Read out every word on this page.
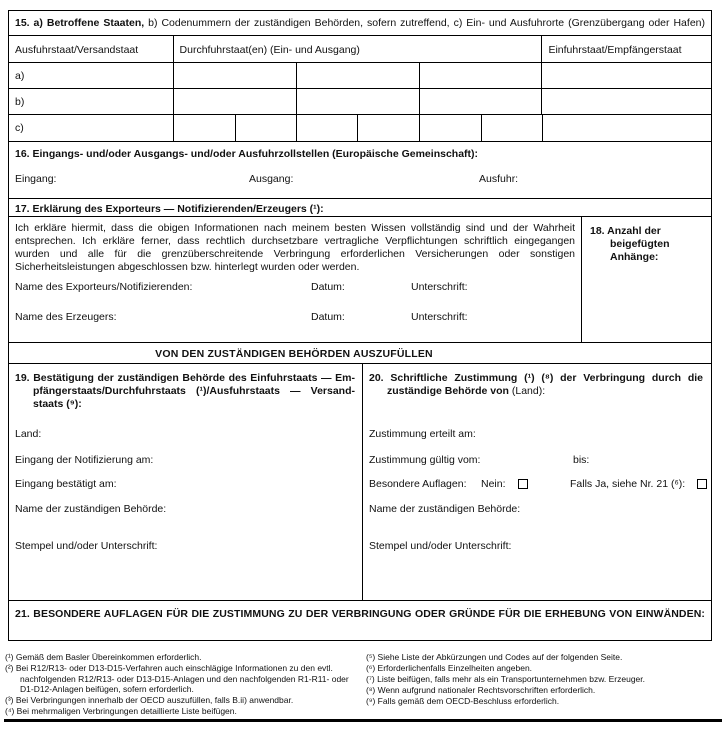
15. a) Betroffene Staaten, b) Codenummern der zuständigen Behörden, sofern zutreffend, c) Ein- und Ausfuhrorte (Grenzübergang oder Hafen)
Ausfuhrstaat/Versandstaat	Durchfuhrstaat(en) (Ein- und Ausgang)	Einfuhrstaat/Empfängerstaat
a)
b)
c)
16. Eingangs- und/oder Ausgangs- und/oder Ausfuhrzollstellen (Europäische Gemeinschaft):
Eingang:	Ausgang:	Ausfuhr:
17. Erklärung des Exporteurs — Notifizierenden/Erzeugers (¹):
Ich erkläre hiermit, dass die obigen Informationen nach meinem besten Wissen vollständig sind und der Wahrheit entsprechen. Ich erkläre ferner, dass rechtlich durchsetzbare vertragliche Verpflichtungen schriftlich eingegangen wurden und alle für die grenzüberschreitende Verbringung erforderlichen Versicherungen oder sonstigen Sicherheitsleistungen abgeschlossen bzw. hinterlegt wurden oder werden.
Name des Exporteurs/Notifizierenden:	Datum:	Unterschrift:
Name des Erzeugers:	Datum:	Unterschrift:
18. Anzahl der beigefügten Anhänge:
VON DEN ZUSTÄNDIGEN BEHÖRDEN AUSZUFÜLLEN
19. Bestätigung der zuständigen Behörde des Einfuhrstaats — Em-
pfängerstaats/Durchfuhrstaats (¹)/Ausfuhrstaats — Versand-
staats (⁹):
Land:
Eingang der Notifizierung am:
Eingang bestätigt am:
Name der zuständigen Behörde:
Stempel und/oder Unterschrift:
20. Schriftliche Zustimmung (¹) (⁸) der Verbringung durch die
zuständige Behörde von (Land):
Zustimmung erteilt am:
Zustimmung gültig vom:	bis:
Besondere Auflagen: Nein:	Falls Ja, siehe Nr. 21 (⁶):
Name der zuständigen Behörde:
Stempel und/oder Unterschrift:
21. BESONDERE AUFLAGEN FÜR DIE ZUSTIMMUNG ZU DER VERBRINGUNG ODER GRÜNDE FÜR DIE ERHEBUNG VON EINWÄNDEN:
(¹) Gemäß dem Basler Übereinkommen erforderlich.
(²) Bei R12/R13- oder D13-D15-Verfahren auch einschlägige Informationen zu den evtl. nachfolgenden R12/R13- oder D13-D15-Anlagen und den nachfolgenden R1-R11- oder D1-D12-Anlagen beifügen, sofern erforderlich.
(³) Bei Verbringungen innerhalb der OECD auszufüllen, falls B.ii) anwendbar.
(⁴) Bei mehrmaligen Verbringungen detaillierte Liste beifügen.
(⁵) Siehe Liste der Abkürzungen und Codes auf der folgenden Seite.
(⁶) Erforderlichenfalls Einzelheiten angeben.
(⁷) Liste beifügen, falls mehr als ein Transportunternehmen bzw. Erzeuger.
(⁸) Wenn aufgrund nationaler Rechtsvorschriften erforderlich.
(⁹) Falls gemäß dem OECD-Beschluss erforderlich.
